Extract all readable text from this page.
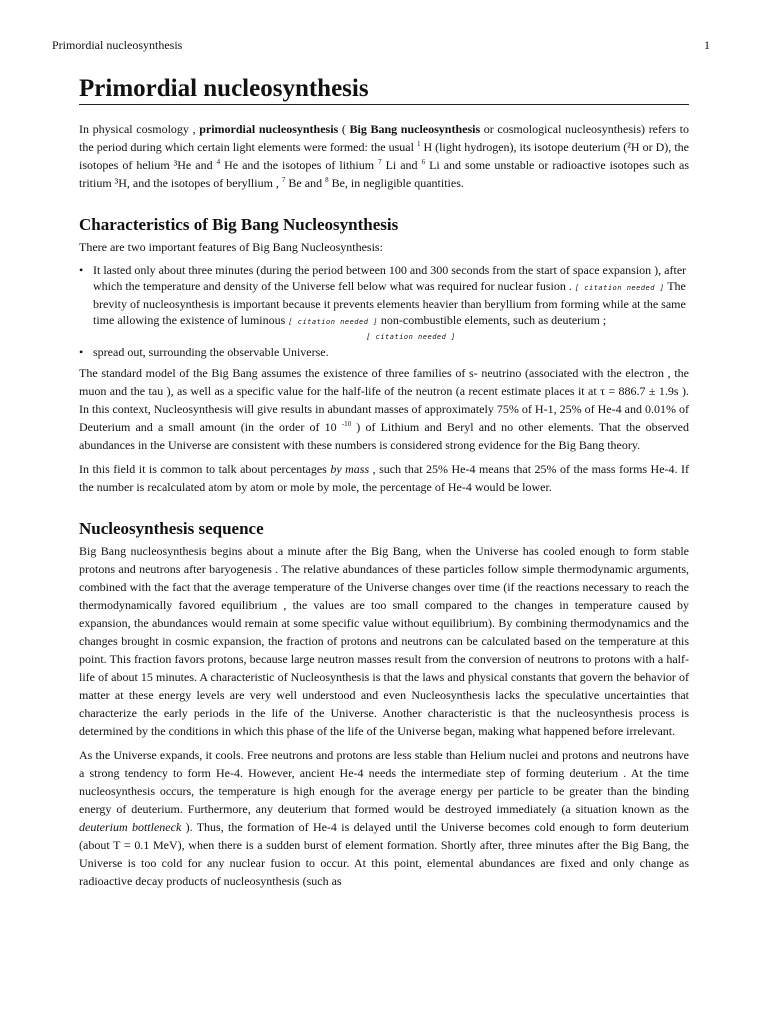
Primordial nucleosynthesis	1
Primordial nucleosynthesis

In physical cosmology , primordial nucleosynthesis ( Big Bang nucleosynthesis or cosmological nucleosynthesis) refers to the period during which certain light elements were formed: the usual $^1$ H (light hydrogen), its isotope deuterium (²H or D), the isotopes of helium ³He and $^4$ He and the isotopes of lithium $^7$ Li and $^6$ Li and some unstable or radioactive isotopes such as tritium ³H, and the isotopes of beryllium , $^7$ Be and $^8$ Be, in negligible quantities.

Characteristics of Big Bang Nucleosynthesis

There are two important features of Big Bang Nucleosynthesis:

• It lasted only about three minutes (during the period between 100 and 300 seconds from the start of space expansion ), after which the temperature and density of the Universe fell below what was required for nuclear fusion . [ citation needed ] The brevity of nucleosynthesis is important because it prevents elements heavier than beryllium from forming while at the same time allowing the existence of luminous [ citation needed ] non-combustible elements, such as deuterium ;
[ citation needed ]
• spread out, surrounding the observable Universe.

The standard model of the Big Bang assumes the existence of three families of s- neutrino (associated with the electron , the muon and the tau ), as well as a specific value for the half-life of the neutron (a recent estimate places it at τ = 886.7 ± 1.9s ). In this context, Nucleosynthesis will give results in abundant masses of approximately 75% of H-1, 25% of He-4 and 0.01% of Deuterium and a small amount (in the order of 10 $^{-10}$ ) of Lithium and Beryl and no other elements. That the observed abundances in the Universe are consistent with these numbers is considered strong evidence for the Big Bang theory.

In this field it is common to talk about percentages by mass , such that 25% He-4 means that 25% of the mass forms He-4. If the number is recalculated atom by atom or mole by mole, the percentage of He-4 would be lower.

Nucleosynthesis sequence

Big Bang nucleosynthesis begins about a minute after the Big Bang, when the Universe has cooled enough to form stable protons and neutrons after baryogenesis . The relative abundances of these particles follow simple thermodynamic arguments, combined with the fact that the average temperature of the Universe changes over time (if the reactions necessary to reach the thermodynamically favored equilibrium , the values are too small compared to the changes in temperature caused by expansion, the abundances would remain at some specific value without equilibrium). By combining thermodynamics and the changes brought in cosmic expansion, the fraction of protons and neutrons can be calculated based on the temperature at this point. This fraction favors protons, because large neutron masses result from the conversion of neutrons to protons with a half-life of about 15 minutes. A characteristic of Nucleosynthesis is that the laws and physical constants that govern the behavior of matter at these energy levels are very well understood and even Nucleosynthesis lacks the speculative uncertainties that characterize the early periods in the life of the Universe. Another characteristic is that the nucleosynthesis process is determined by the conditions in which this phase of the life of the Universe began, making what happened before irrelevant.

As the Universe expands, it cools. Free neutrons and protons are less stable than Helium nuclei and protons and neutrons have a strong tendency to form He-4. However, ancient He-4 needs the intermediate step of forming deuterium . At the time nucleosynthesis occurs, the temperature is high enough for the average energy per particle to be greater than the binding energy of deuterium. Furthermore, any deuterium that formed would be destroyed immediately (a situation known as the deuterium bottleneck ). Thus, the formation of He-4 is delayed until the Universe becomes cold enough to form deuterium (about T = 0.1 MeV), when there is a sudden burst of element formation. Shortly after, three minutes after the Big Bang, the Universe is too cold for any nuclear fusion to occur. At this point, elemental abundances are fixed and only change as radioactive decay products of nucleosynthesis (such as
